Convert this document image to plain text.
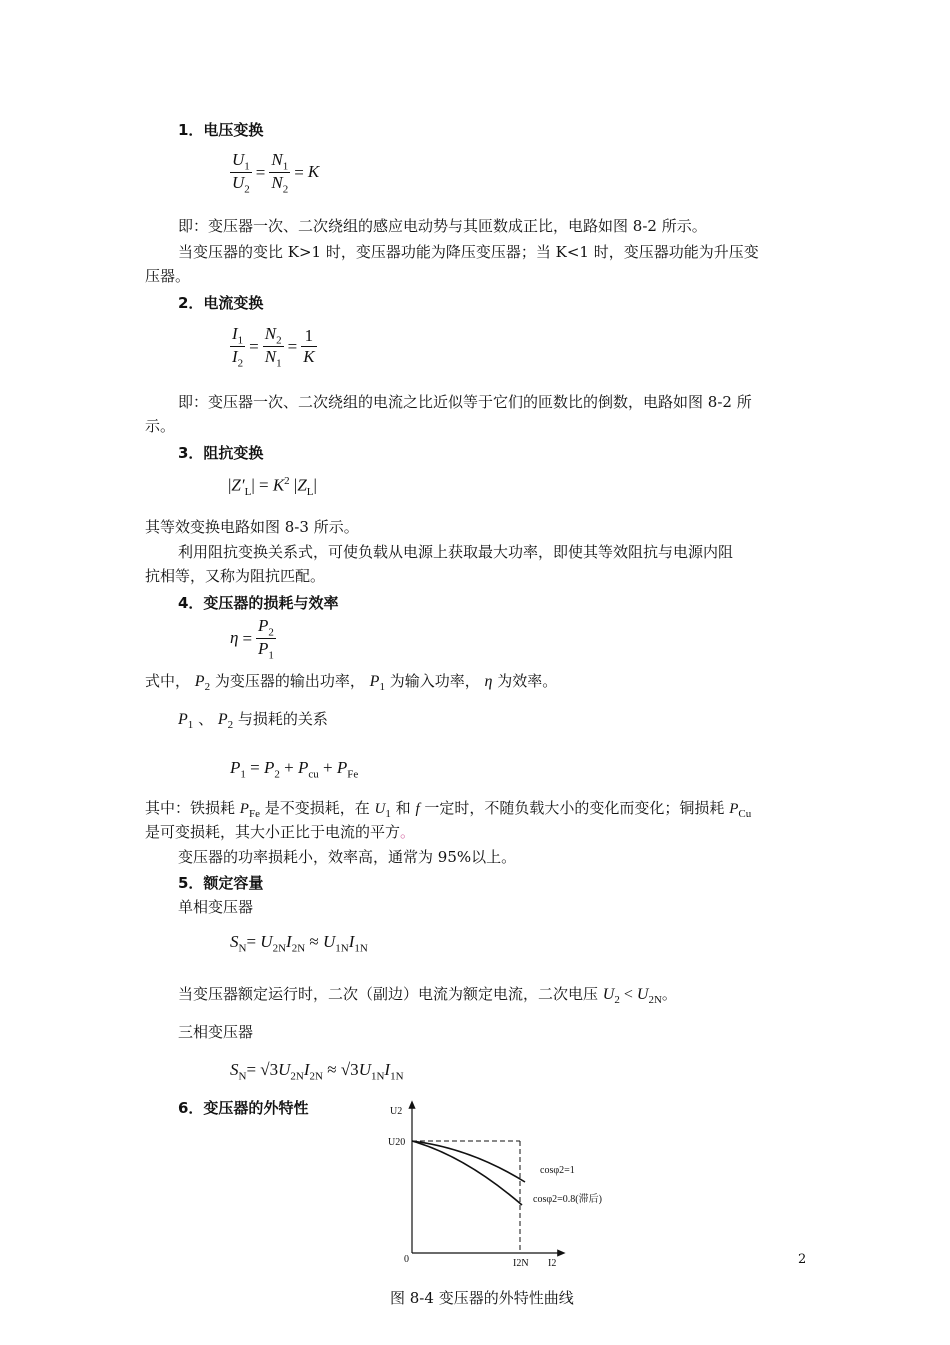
1．电压变换
$\frac{U_1}{U_2} = \frac{N_1}{N_2} = K$
即：变压器一次、二次绕组的感应电动势与其匝数成正比，电路如图 8-2 所示。
当变压器的变比 K>1 时，变压器功能为降压变压器；当 K<1 时，变压器功能为升压变
压器。
2．电流变换
$\frac{I_1}{I_2} = \frac{N_2}{N_1} = \frac{1}{K}$
即：变压器一次、二次绕组的电流之比近似等于它们的匝数比的倒数，电路如图 8-2 所
示。
3．阻抗变换
$|Z'_L| = K^2$ $|Z_L|$
其等效变换电路如图 8-3 所示。
利用阻抗变换关系式，可使负载从电源上获取最大功率，即使其等效阻抗与电源内阻
抗相等，又称为阻抗匹配。
4．变压器的损耗与效率
$\eta = \frac{P_2}{P_1}$
式中， $P_2$ 为变压器的输出功率， $P_1$ 为输入功率， η 为效率。
$P_1$ 、 $P_2$ 与损耗的关系
$P_1 = P_2 + P_{cu} + P_{Fe}$
其中：铁损耗 $P_{Fe}$ 是不变损耗，在 $U_1$ 和 f 一定时，不随负载大小的变化而变化；铜损耗 $P_{Cu}$
是可变损耗，其大小正比于电流的平方。
变压器的功率损耗小，效率高，通常为 95%以上。
5．额定容量
单相变压器
$S_N= U_{2N}I_{2N} \approx U_{1N}I_{1N}$
当变压器额定运行时，二次（副边）电流为额定电流，二次电压 $U_2 < U_{2N}$。
三相变压器
$S_N= √3U_{2N}I_{2N} \approx √3U_{1N}I_{1N}$
6．变压器的外特性	U2
U20
0	I2N I2
cosφ2=1
cosφ2=0.8(滞后)
图 8-4 变压器的外特性曲线
2
